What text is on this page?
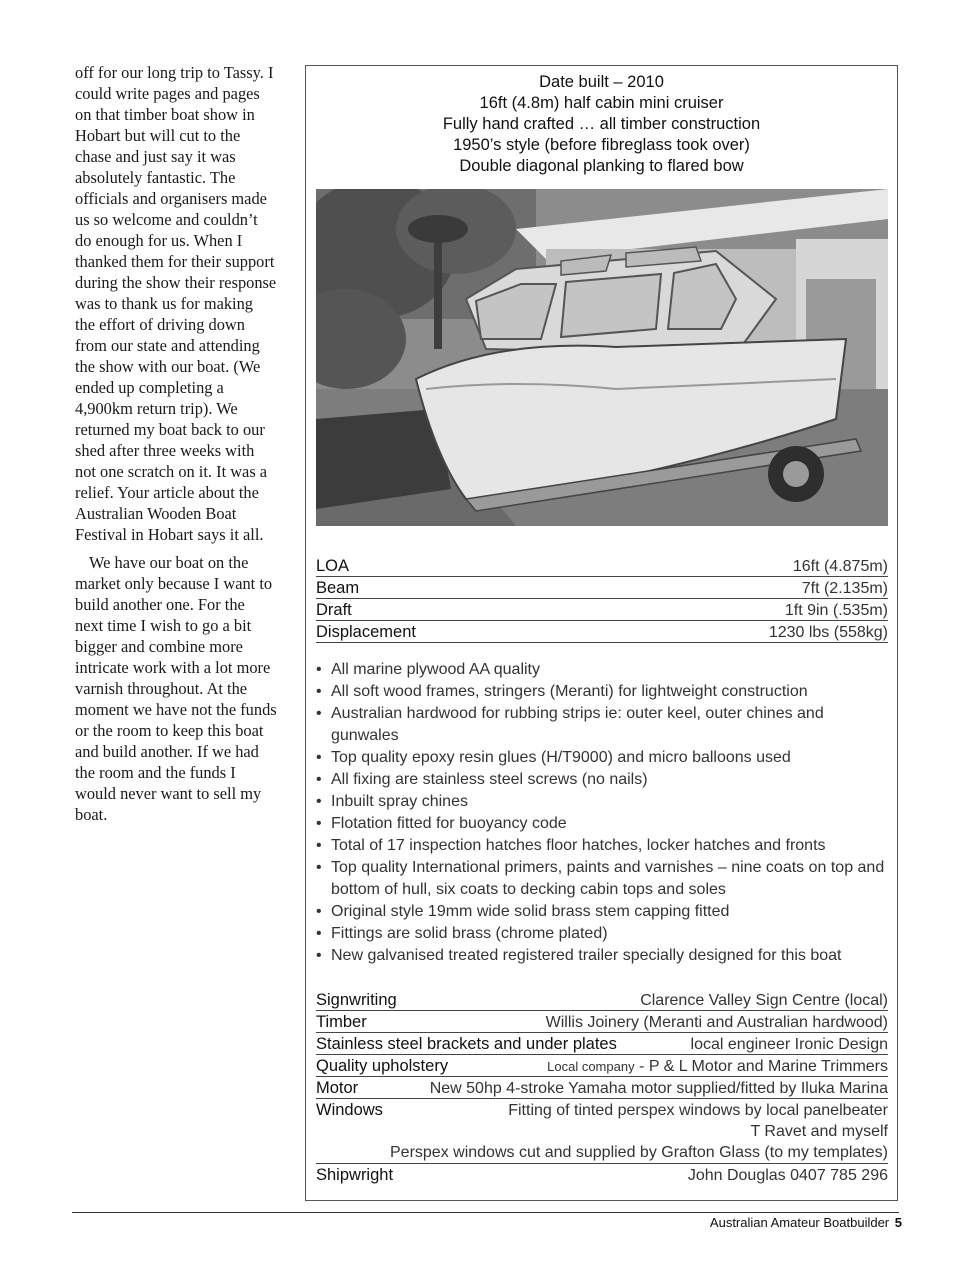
off for our long trip to Tassy. I could write pages and pages on that timber boat show in Hobart but will cut to the chase and just say it was absolutely fantastic. The officials and organisers made us so welcome and couldn’t do enough for us. When I thanked them for their support during the show their response was to thank us for making the effort of driving down from our state and attending the show with our boat. (We ended up completing a 4,900km return trip). We returned my boat back to our shed after three weeks with not one scratch on it. It was a relief. Your article about the Australian Wooden Boat Festival in Hobart says it all.

We have our boat on the market only because I want to build another one. For the next time I wish to go a bit bigger and combine more intricate work with a lot more varnish throughout. At the moment we have not the funds or the room to keep this boat and build another. If we had the room and the funds I would never want to sell my boat.

Date built – 2010
16ft (4.8m) half cabin mini cruiser
Fully hand crafted … all timber construction
1950’s style (before fibreglass took over)
Double diagonal planking to flared bow
LOA	16ft (4.875m)
Beam	7ft (2.135m)
Draft	1ft 9in (.535m)
Displacement	1230 lbs (558kg)
• All marine plywood AA quality
• All soft wood frames, stringers (Meranti) for lightweight construction
• Australian hardwood for rubbing strips ie: outer keel, outer chines and gunwales
• Top quality epoxy resin glues (H/T9000) and micro balloons used
• All fixing are stainless steel screws (no nails)
• Inbuilt spray chines
• Flotation fitted for buoyancy code
• Total of 17 inspection hatches floor hatches, locker hatches and fronts
• Top quality International primers, paints and varnishes – nine coats on top and bottom of hull, six coats to decking cabin tops and soles
• Original style 19mm wide solid brass stem capping fitted
• Fittings are solid brass (chrome plated)
• New galvanised treated registered trailer specially designed for this boat
Signwriting	Clarence Valley Sign Centre (local)
Timber	Willis Joinery (Meranti and Australian hardwood)
Stainless steel brackets and under plates	local engineer Ironic Design
Quality upholstery	Local company - P & L Motor and Marine Trimmers
Motor	New 50hp 4-stroke Yamaha motor supplied/fitted by Iluka Marina
Windows	Fitting of tinted perspex windows by local panelbeater
T Ravet and myself
Perspex windows cut and supplied by Grafton Glass (to my templates)
Shipwright	John Douglas 0407 785 296
Australian Amateur Boatbuilder 5
